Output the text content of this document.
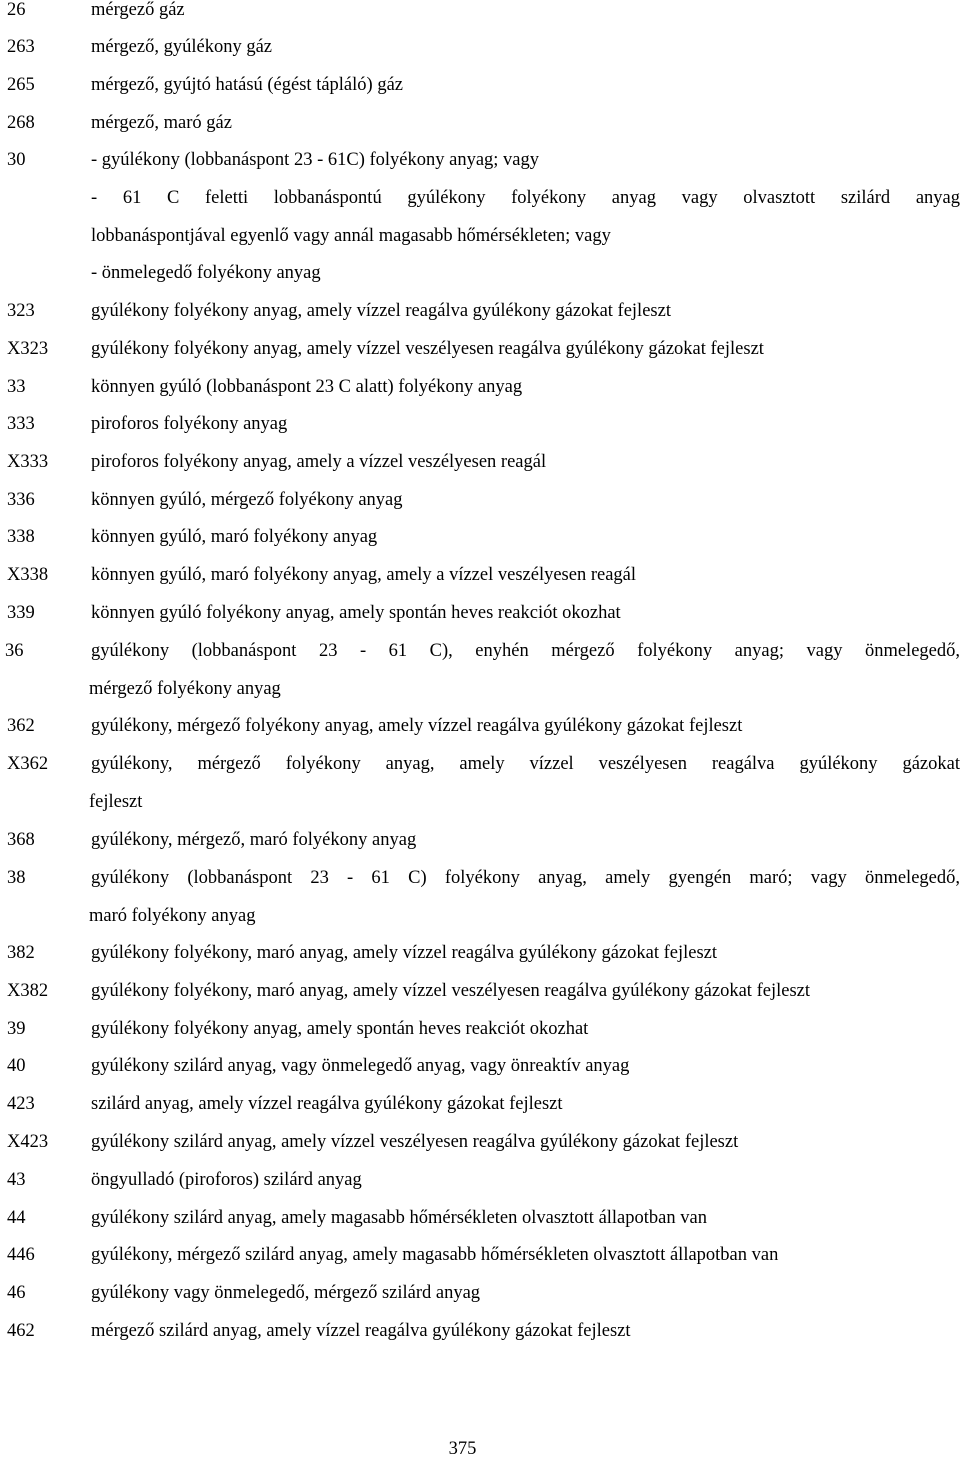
26	mérgező gáz
263	mérgező, gyúlékony gáz
265	mérgező, gyújtó hatású (égést tápláló) gáz
268	mérgező, maró gáz
30	- gyúlékony (lobbanáspont 23 - 61C) folyékony anyag; vagy
- 61 C feletti lobbanáspontú gyúlékony folyékony anyag vagy olvasztott szilárd anyag
lobbanáspontjával egyenlő vagy annál magasabb hőmérsékleten; vagy
- önmelegedő folyékony anyag
323	gyúlékony folyékony anyag, amely vízzel reagálva gyúlékony gázokat fejleszt
X323 gyúlékony folyékony anyag, amely vízzel veszélyesen reagálva gyúlékony gázokat fejleszt
33	könnyen gyúló (lobbanáspont 23 C alatt) folyékony anyag
333	piroforos folyékony anyag
X333 piroforos folyékony anyag, amely a vízzel veszélyesen reagál
336	könnyen gyúló, mérgező folyékony anyag
338	könnyen gyúló, maró folyékony anyag
X338 könnyen gyúló, maró folyékony anyag, amely a vízzel veszélyesen reagál
339	könnyen gyúló folyékony anyag, amely spontán heves reakciót okozhat
36	gyúlékony (lobbanáspont 23 - 61 C), enyhén mérgező folyékony anyag; vagy önmelegedő,
mérgező folyékony anyag
362	gyúlékony, mérgező folyékony anyag, amely vízzel reagálva gyúlékony gázokat fejleszt
X362 gyúlékony, mérgező folyékony anyag, amely vízzel veszélyesen reagálva gyúlékony gázokat
fejleszt
368	gyúlékony, mérgező, maró folyékony anyag
38	gyúlékony (lobbanáspont 23 - 61 C) folyékony anyag, amely gyengén maró; vagy önmelegedő,
maró folyékony anyag
382	gyúlékony folyékony, maró anyag, amely vízzel reagálva gyúlékony gázokat fejleszt
X382 gyúlékony folyékony, maró anyag, amely vízzel veszélyesen reagálva gyúlékony gázokat fejleszt
39	gyúlékony folyékony anyag, amely spontán heves reakciót okozhat
40	gyúlékony szilárd anyag, vagy önmelegedő anyag, vagy önreaktív anyag
423	szilárd anyag, amely vízzel reagálva gyúlékony gázokat fejleszt
X423 gyúlékony szilárd anyag, amely vízzel veszélyesen reagálva gyúlékony gázokat fejleszt
43	öngyulladó (piroforos) szilárd anyag
44	gyúlékony szilárd anyag, amely magasabb hőmérsékleten olvasztott állapotban van
446	gyúlékony, mérgező szilárd anyag, amely magasabb hőmérsékleten olvasztott állapotban van
46	gyúlékony vagy önmelegedő, mérgező szilárd anyag
462	mérgező szilárd anyag, amely vízzel reagálva gyúlékony gázokat fejleszt
375
